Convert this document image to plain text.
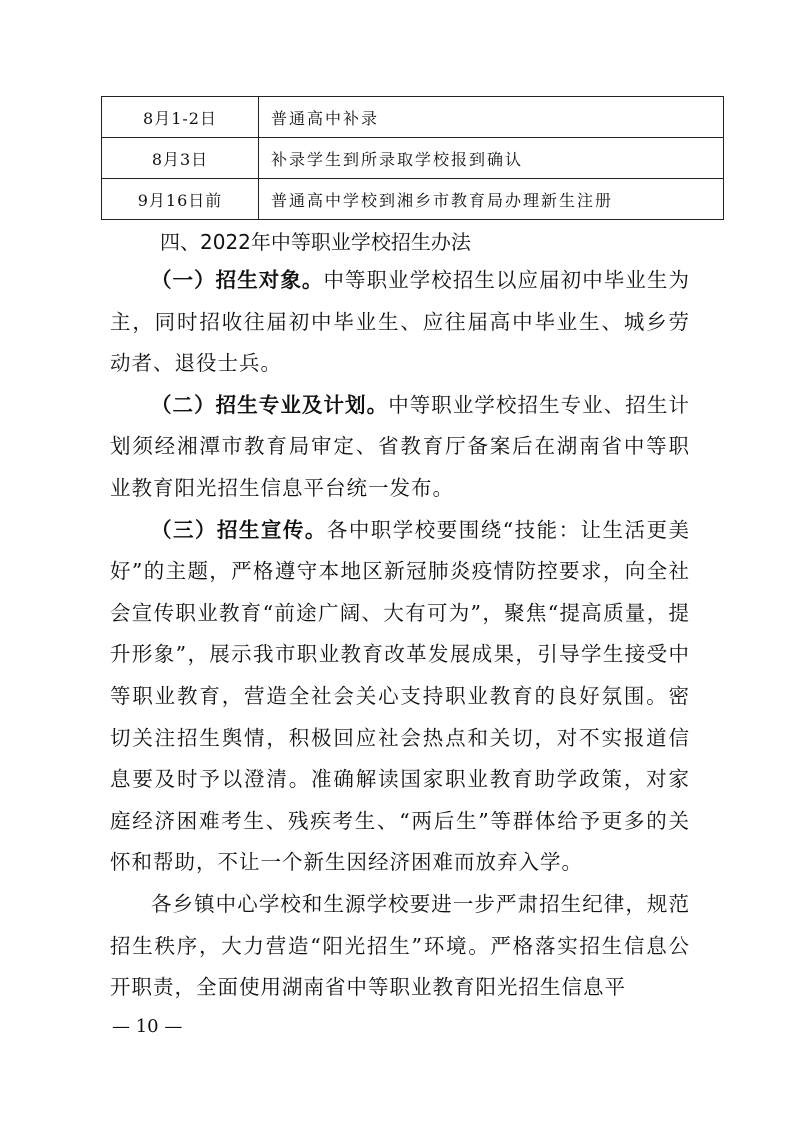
8月1-2日	普通高中补录
8月3日	补录学生到所录取学校报到确认
9月16日前	普通高中学校到湘乡市教育局办理新生注册
四、2022年中等职业学校招生办法

（一）招生对象。中等职业学校招生以应届初中毕业生为主，同时招收往届初中毕业生、应往届高中毕业生、城乡劳动者、退役士兵。

（二）招生专业及计划。中等职业学校招生专业、招生计划须经湘潭市教育局审定、省教育厅备案后在湖南省中等职业教育阳光招生信息平台统一发布。

（三）招生宣传。各中职学校要围绕“技能：让生活更美好”的主题，严格遵守本地区新冠肺炎疫情防控要求，向全社会宣传职业教育“前途广阔、大有可为”，聚焦“提高质量，提升形象”，展示我市职业教育改革发展成果，引导学生接受中等职业教育，营造全社会关心支持职业教育的良好氛围。密切关注招生舆情，积极回应社会热点和关切，对不实报道信息要及时予以澄清。准确解读国家职业教育助学政策，对家庭经济困难考生、残疾考生、“两后生”等群体给予更多的关怀和帮助，不让一个新生因经济困难而放弃入学。

各乡镇中心学校和生源学校要进一步严肃招生纪律，规范招生秩序，大力营造“阳光招生”环境。严格落实招生信息公开职责，全面使用湖南省中等职业教育阳光招生信息平

— 10 —
